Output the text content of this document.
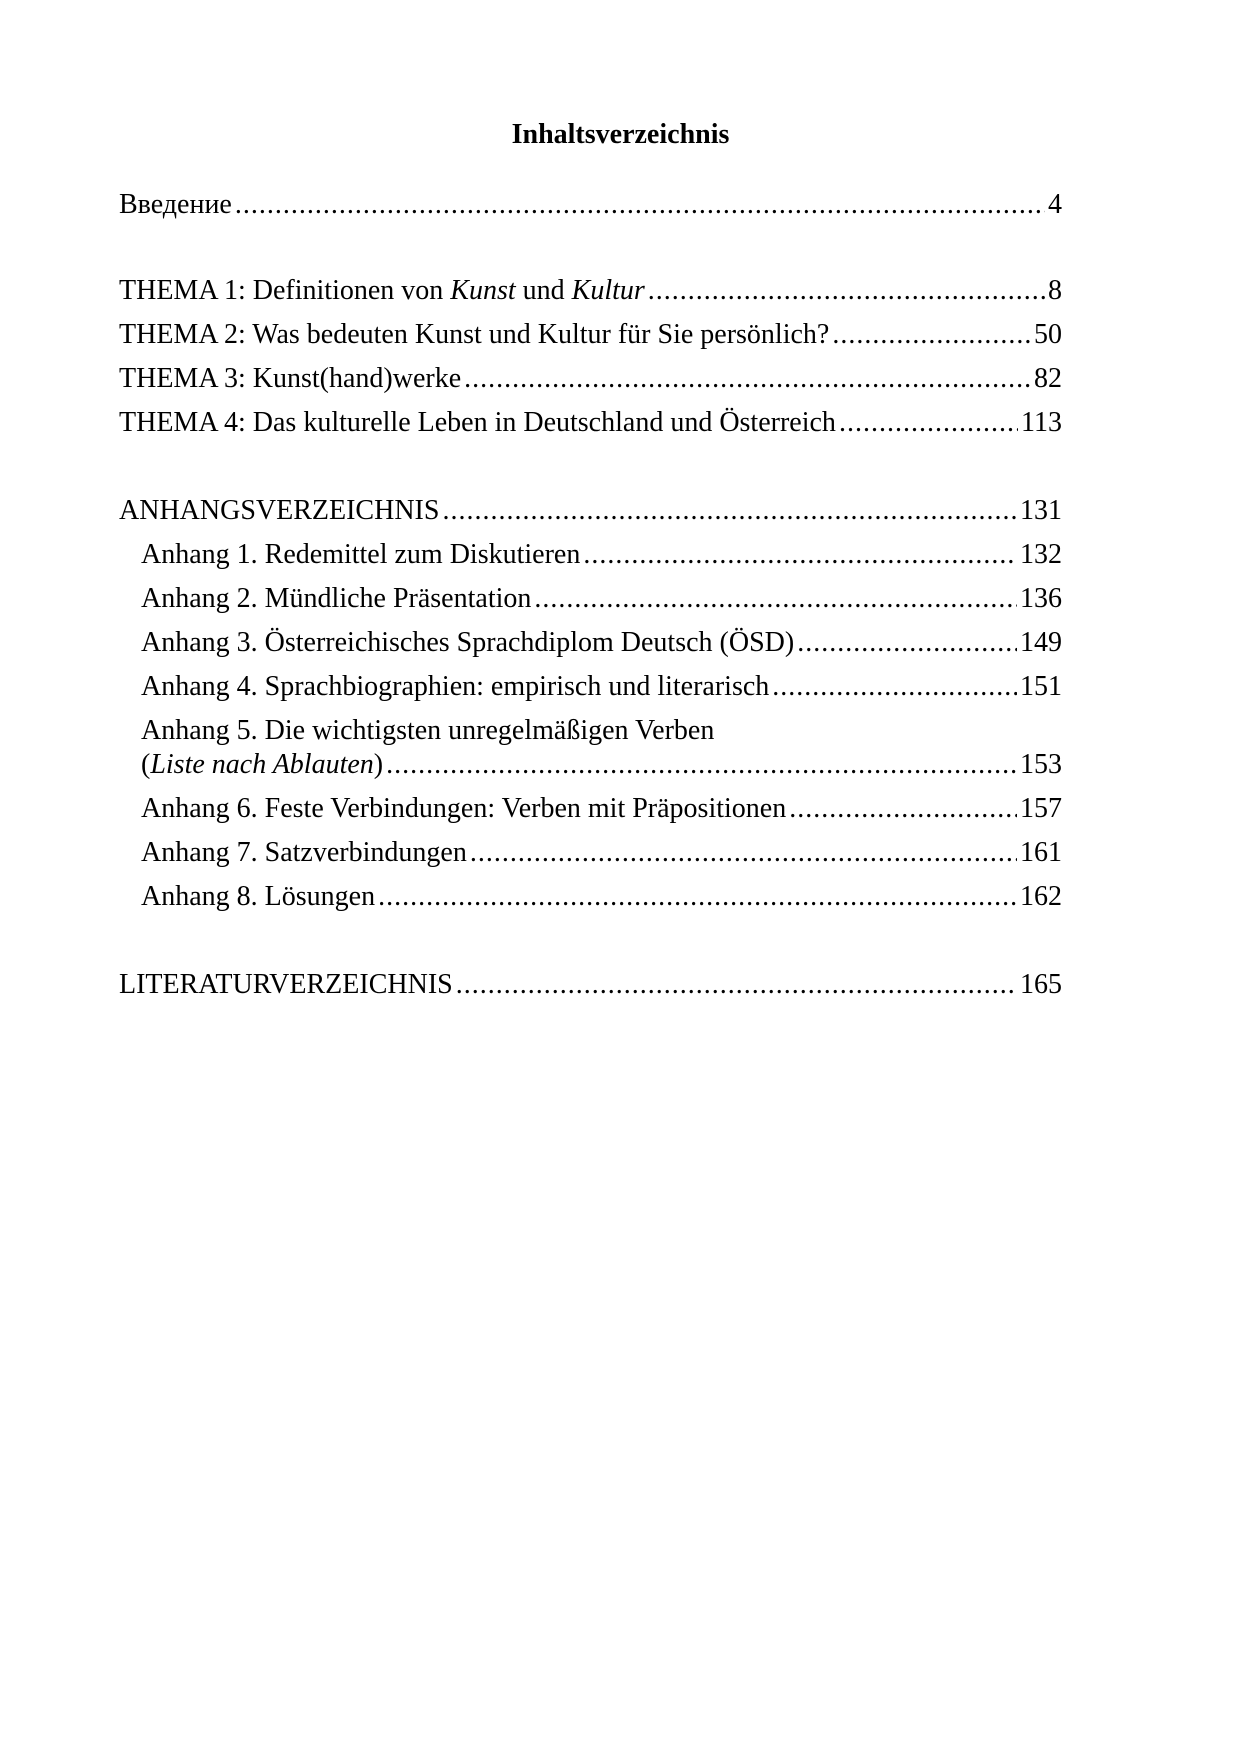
Inhaltsverzeichnis
Введение .....	4
THEMA 1: Definitionen von Kunst und Kultur .....	8
THEMA 2: Was bedeuten Kunst und Kultur für Sie persönlich? .....	50
THEMA 3: Kunst(hand)werke .....	82
THEMA 4: Das kulturelle Leben in Deutschland und Österreich .....	113
ANHANGSVERZEICHNIS .....	131
Anhang 1. Redemittel zum Diskutieren .....	132
Anhang 2. Mündliche Präsentation .....	136
Anhang 3. Österreichisches Sprachdiplom Deutsch (ÖSD) .....	149
Anhang 4. Sprachbiographien: empirisch und literarisch .....	151
Anhang 5. Die wichtigsten unregelmäßigen Verben
(Liste nach Ablauten) .....	153
Anhang 6. Feste Verbindungen: Verben mit Präpositionen .....	157
Anhang 7. Satzverbindungen .....	161
Anhang 8. Lösungen .....	162
LITERATURVERZEICHNIS .....	165
